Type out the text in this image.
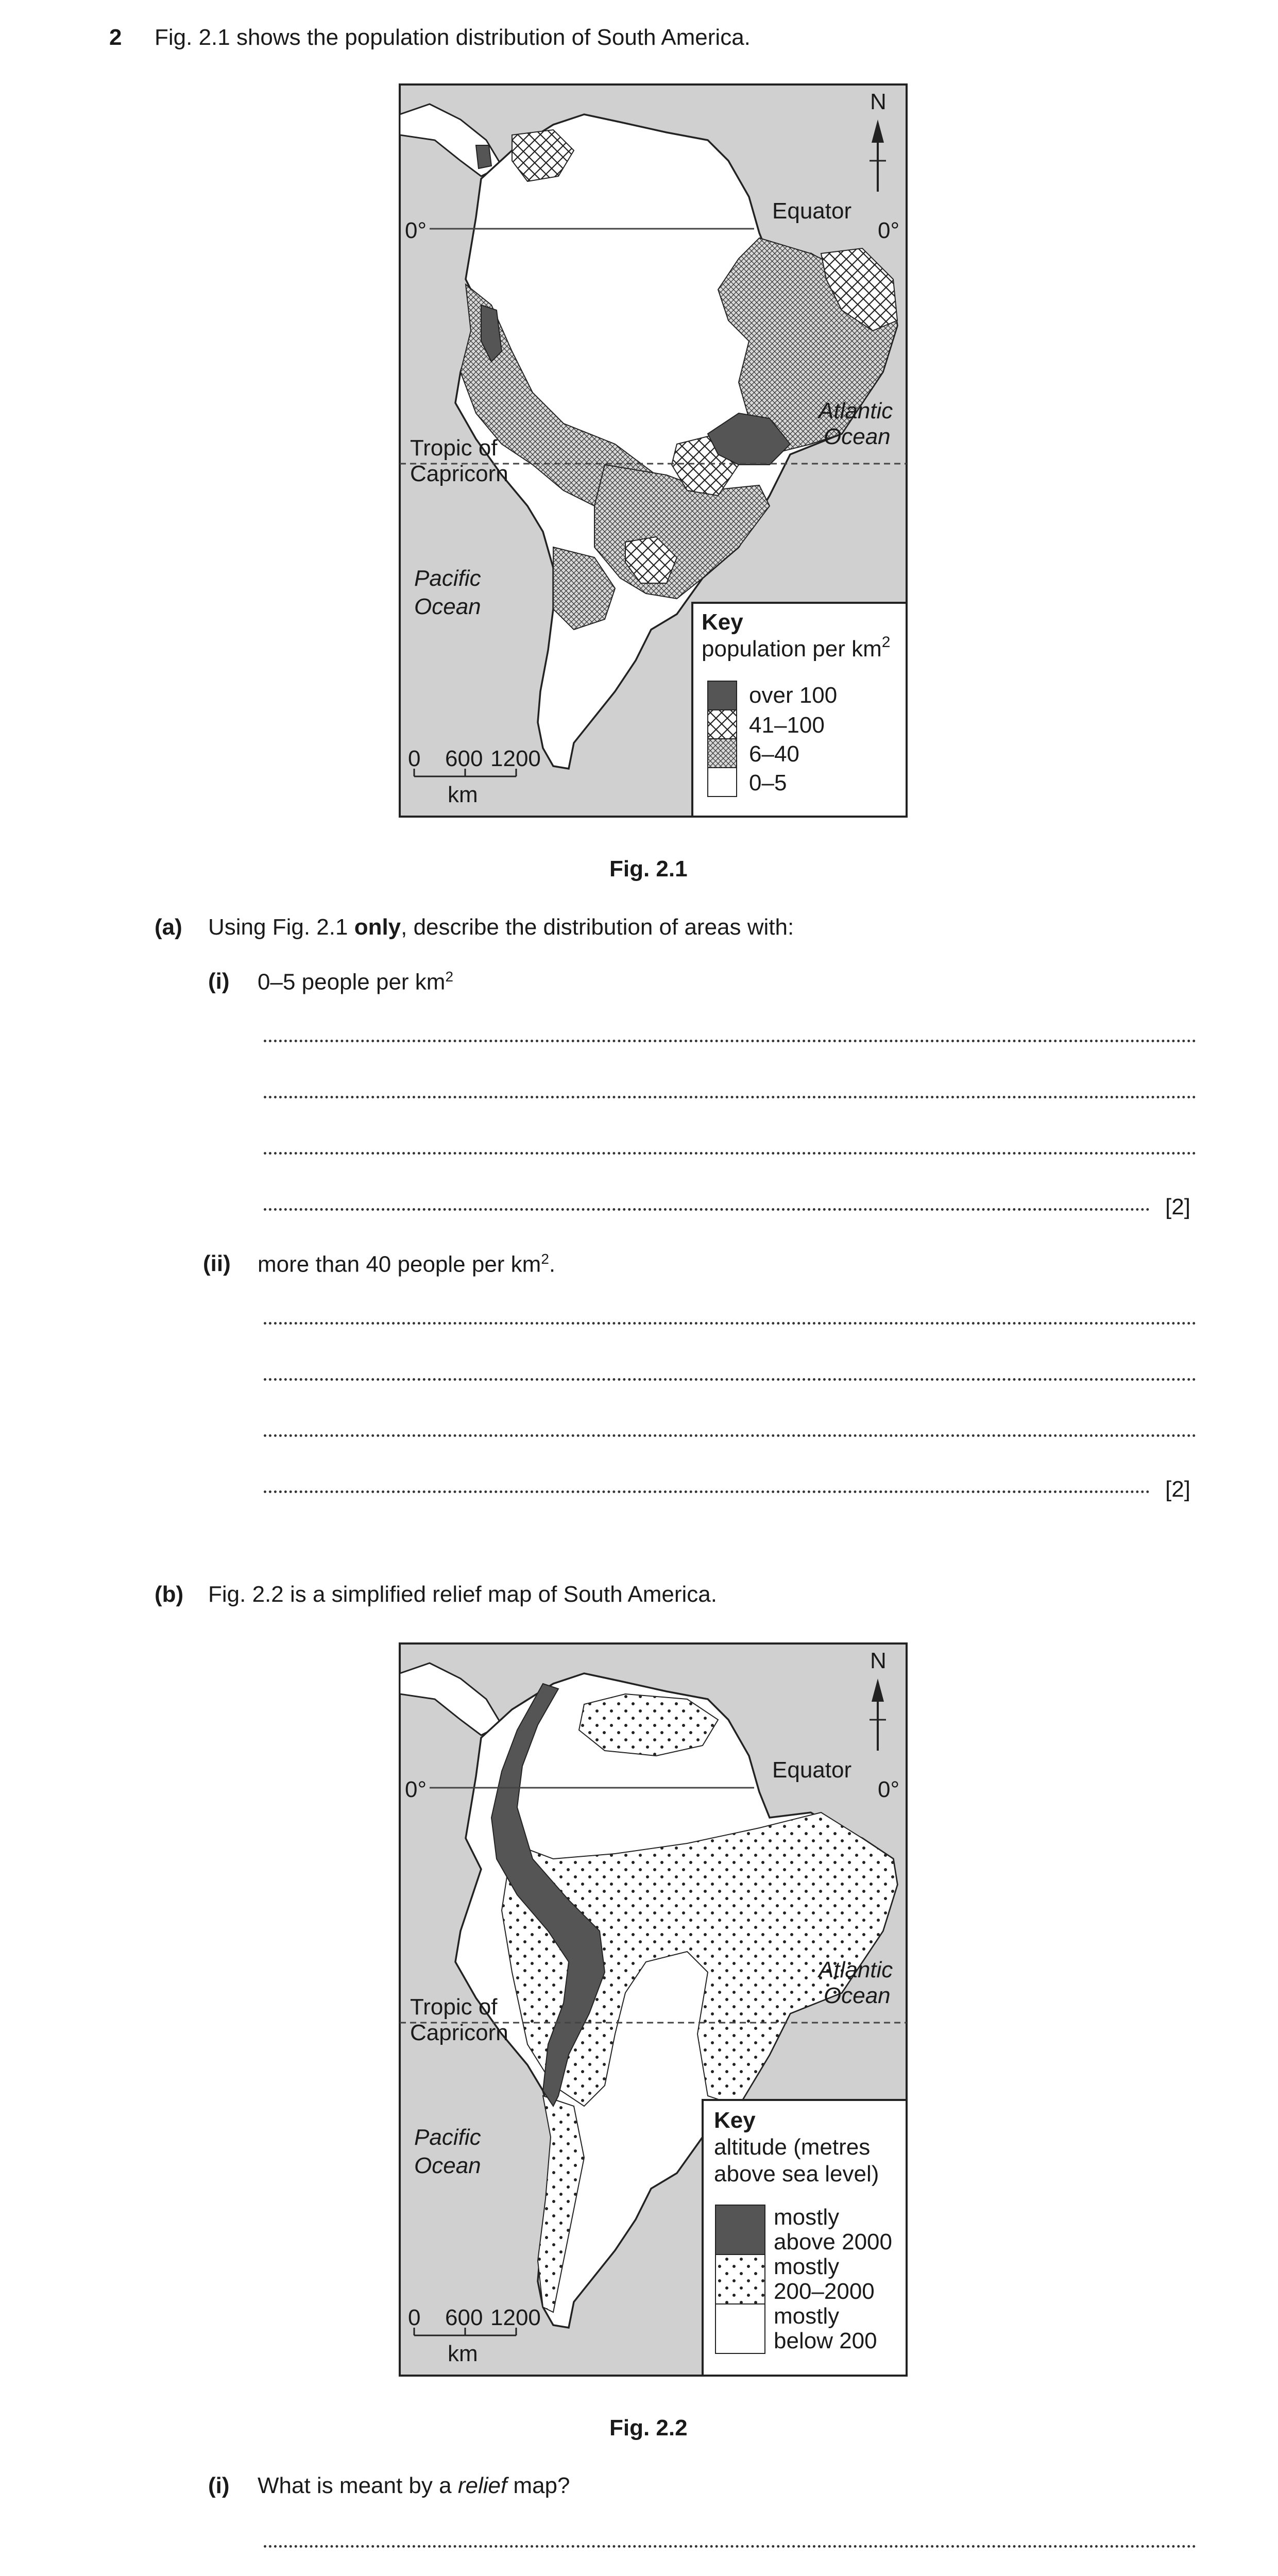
2 Fig. 2.1 shows the population distribution of South America.
N
0°	0°
Equator
Tropic of
Capricorn
Atlantic
Ocean
Pacific
Ocean
0 600 1200
km
Key
population per $km^2$
over 100
41–100
6–40
0–5
Fig. 2.1
(a) Using Fig. 2.1 only, describe the distribution of areas with:
(i) 0–5 people per $km^2$
[2]
(ii) more than 40 people per $km^2$.
[2]
(b) Fig. 2.2 is a simplified relief map of South America.
N
0°	0°
Equator
Tropic of
Capricorn
Atlantic
Ocean
Pacific
Ocean
0 600 1200
km
Key
altitude (metres
above sea level)
mostly
above 2000
mostly
200–2000
mostly
below 200
Fig. 2.2
(i) What is meant by a relief map?
